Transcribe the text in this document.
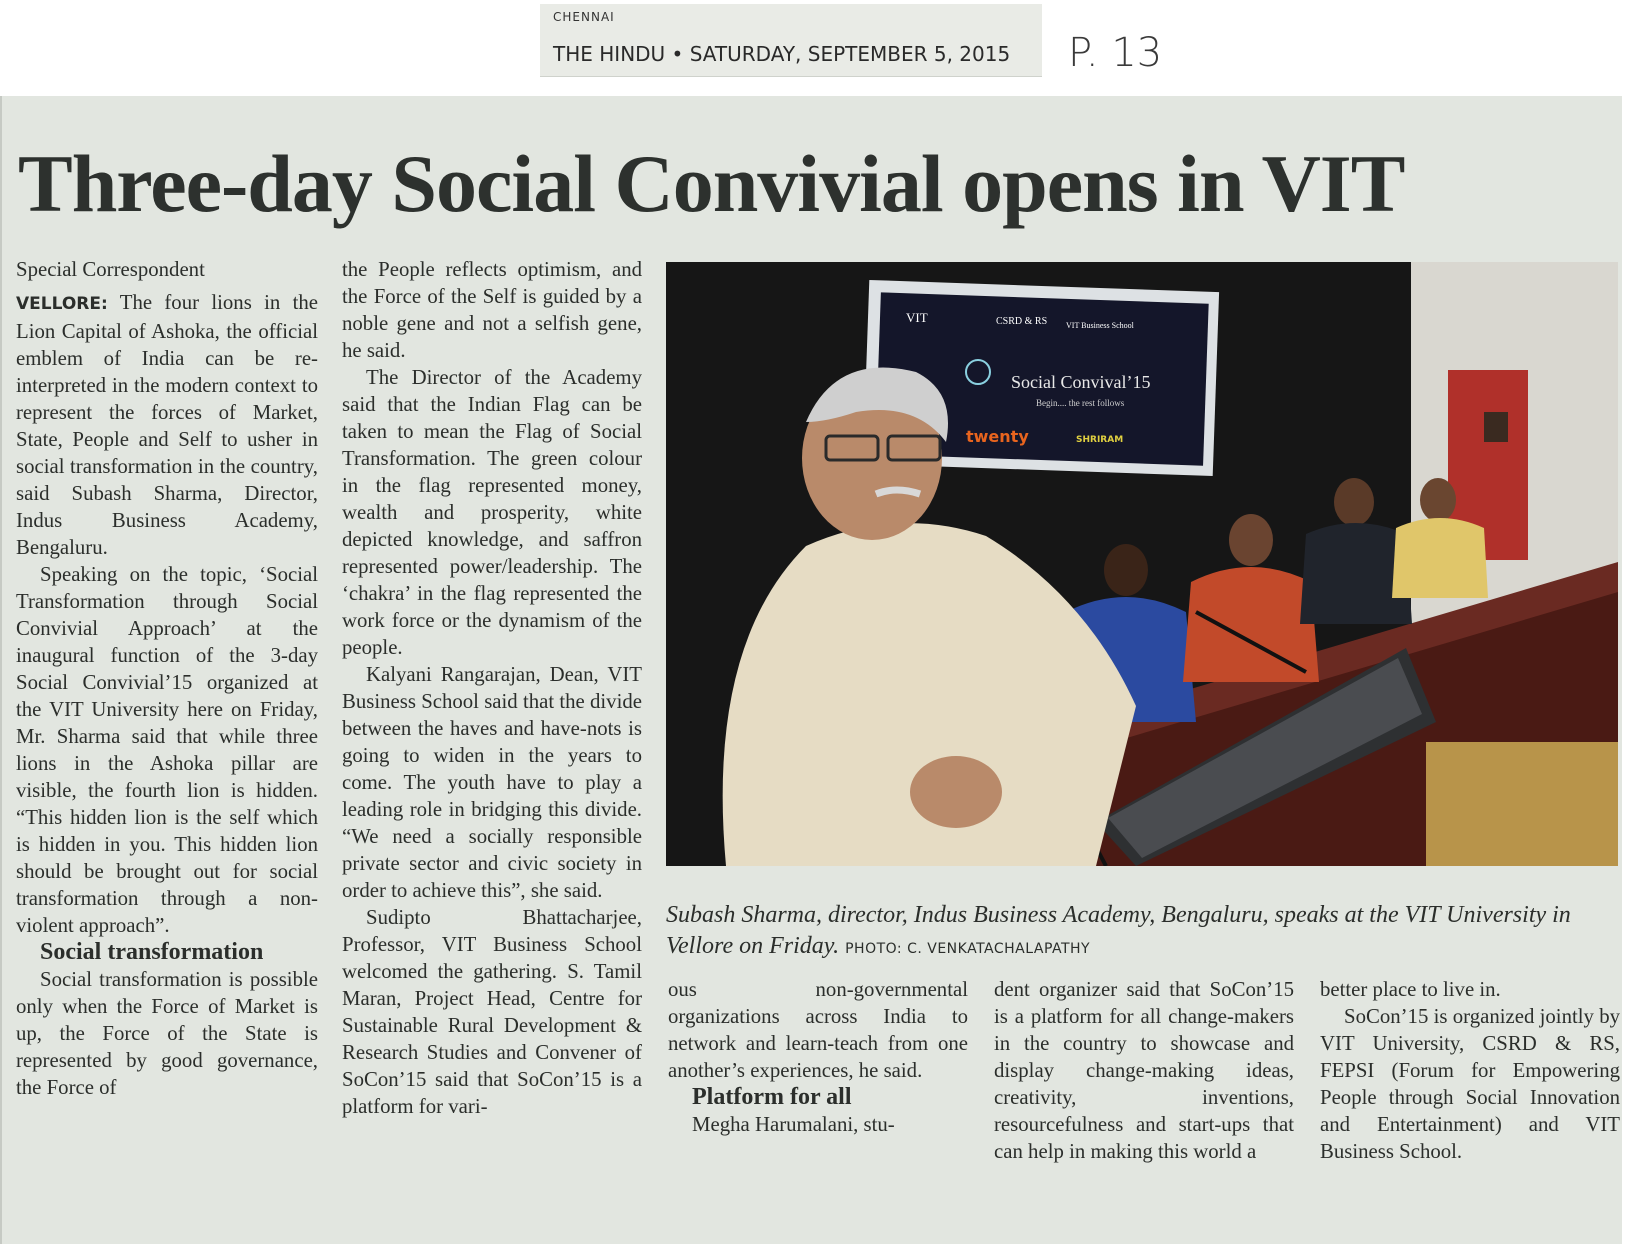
CHENNAI
THE HINDU • SATURDAY, SEPTEMBER 5, 2015 P. 13
Three-day Social Convivial opens in VIT
Special Correspondent

VELLORE: The four lions in the Lion Capital of Ashoka, the official emblem of India can be re-interpreted in the modern context to represent the forces of Market, State, People and Self to usher in social transformation in the country, said Subash Sharma, Director, Indus Business Academy, Bengaluru.

Speaking on the topic, ‘Social Transformation through Social Convivial Approach’ at the inaugural function of the 3-day Social Convivial’15 organized at the VIT University here on Friday, Mr. Sharma said that while three lions in the Ashoka pillar are visible, the fourth lion is hidden. “This hidden lion is the self which is hidden in you. This hidden lion should be brought out for social transformation through a non-violent approach”.

Social transformation

Social transformation is possible only when the Force of Market is up, the Force of the State is represented by good governance, the Force of

the People reflects optimism, and the Force of the Self is guided by a noble gene and not a selfish gene, he said.

The Director of the Academy said that the Indian Flag can be taken to mean the Flag of Social Transformation. The green colour in the flag represented money, wealth and prosperity, white depicted knowledge, and saffron represented power/leadership. The ‘chakra’ in the flag represented the work force or the dynamism of the people.

Kalyani Rangarajan, Dean, VIT Business School said that the divide between the haves and have-nots is going to widen in the years to come. The youth have to play a leading role in bridging this divide. “We need a socially responsible private sector and civic society in order to achieve this”, she said.

Sudipto Bhattacharjee, Professor, VIT Business School welcomed the gathering. S. Tamil Maran, Project Head, Centre for Sustainable Rural Development & Research Studies and Convener of SoCon’15 said that SoCon’15 is a platform for vari-

VIT	CSRD & RS VIT Business School
Social Convival’15
Begin.... the rest follows
twenty	SHRIRAM
Subash Sharma, director, Indus Business Academy, Bengaluru, speaks at the VIT University in Vellore on Friday. PHOTO: C. VENKATACHALAPATHY

ous non-governmental organizations across India to network and learn-teach from one another’s experiences, he said.

Platform for all

Megha Harumalani, stu-

dent organizer said that SoCon’15 is a platform for all change-makers in the country to showcase and display change-making ideas, creativity, inventions, resourcefulness and start-ups that can help in making this world a

better place to live in.

SoCon’15 is organized jointly by VIT University, CSRD & RS, FEPSI (Forum for Empowering People through Social Innovation and Entertainment) and VIT Business School.
